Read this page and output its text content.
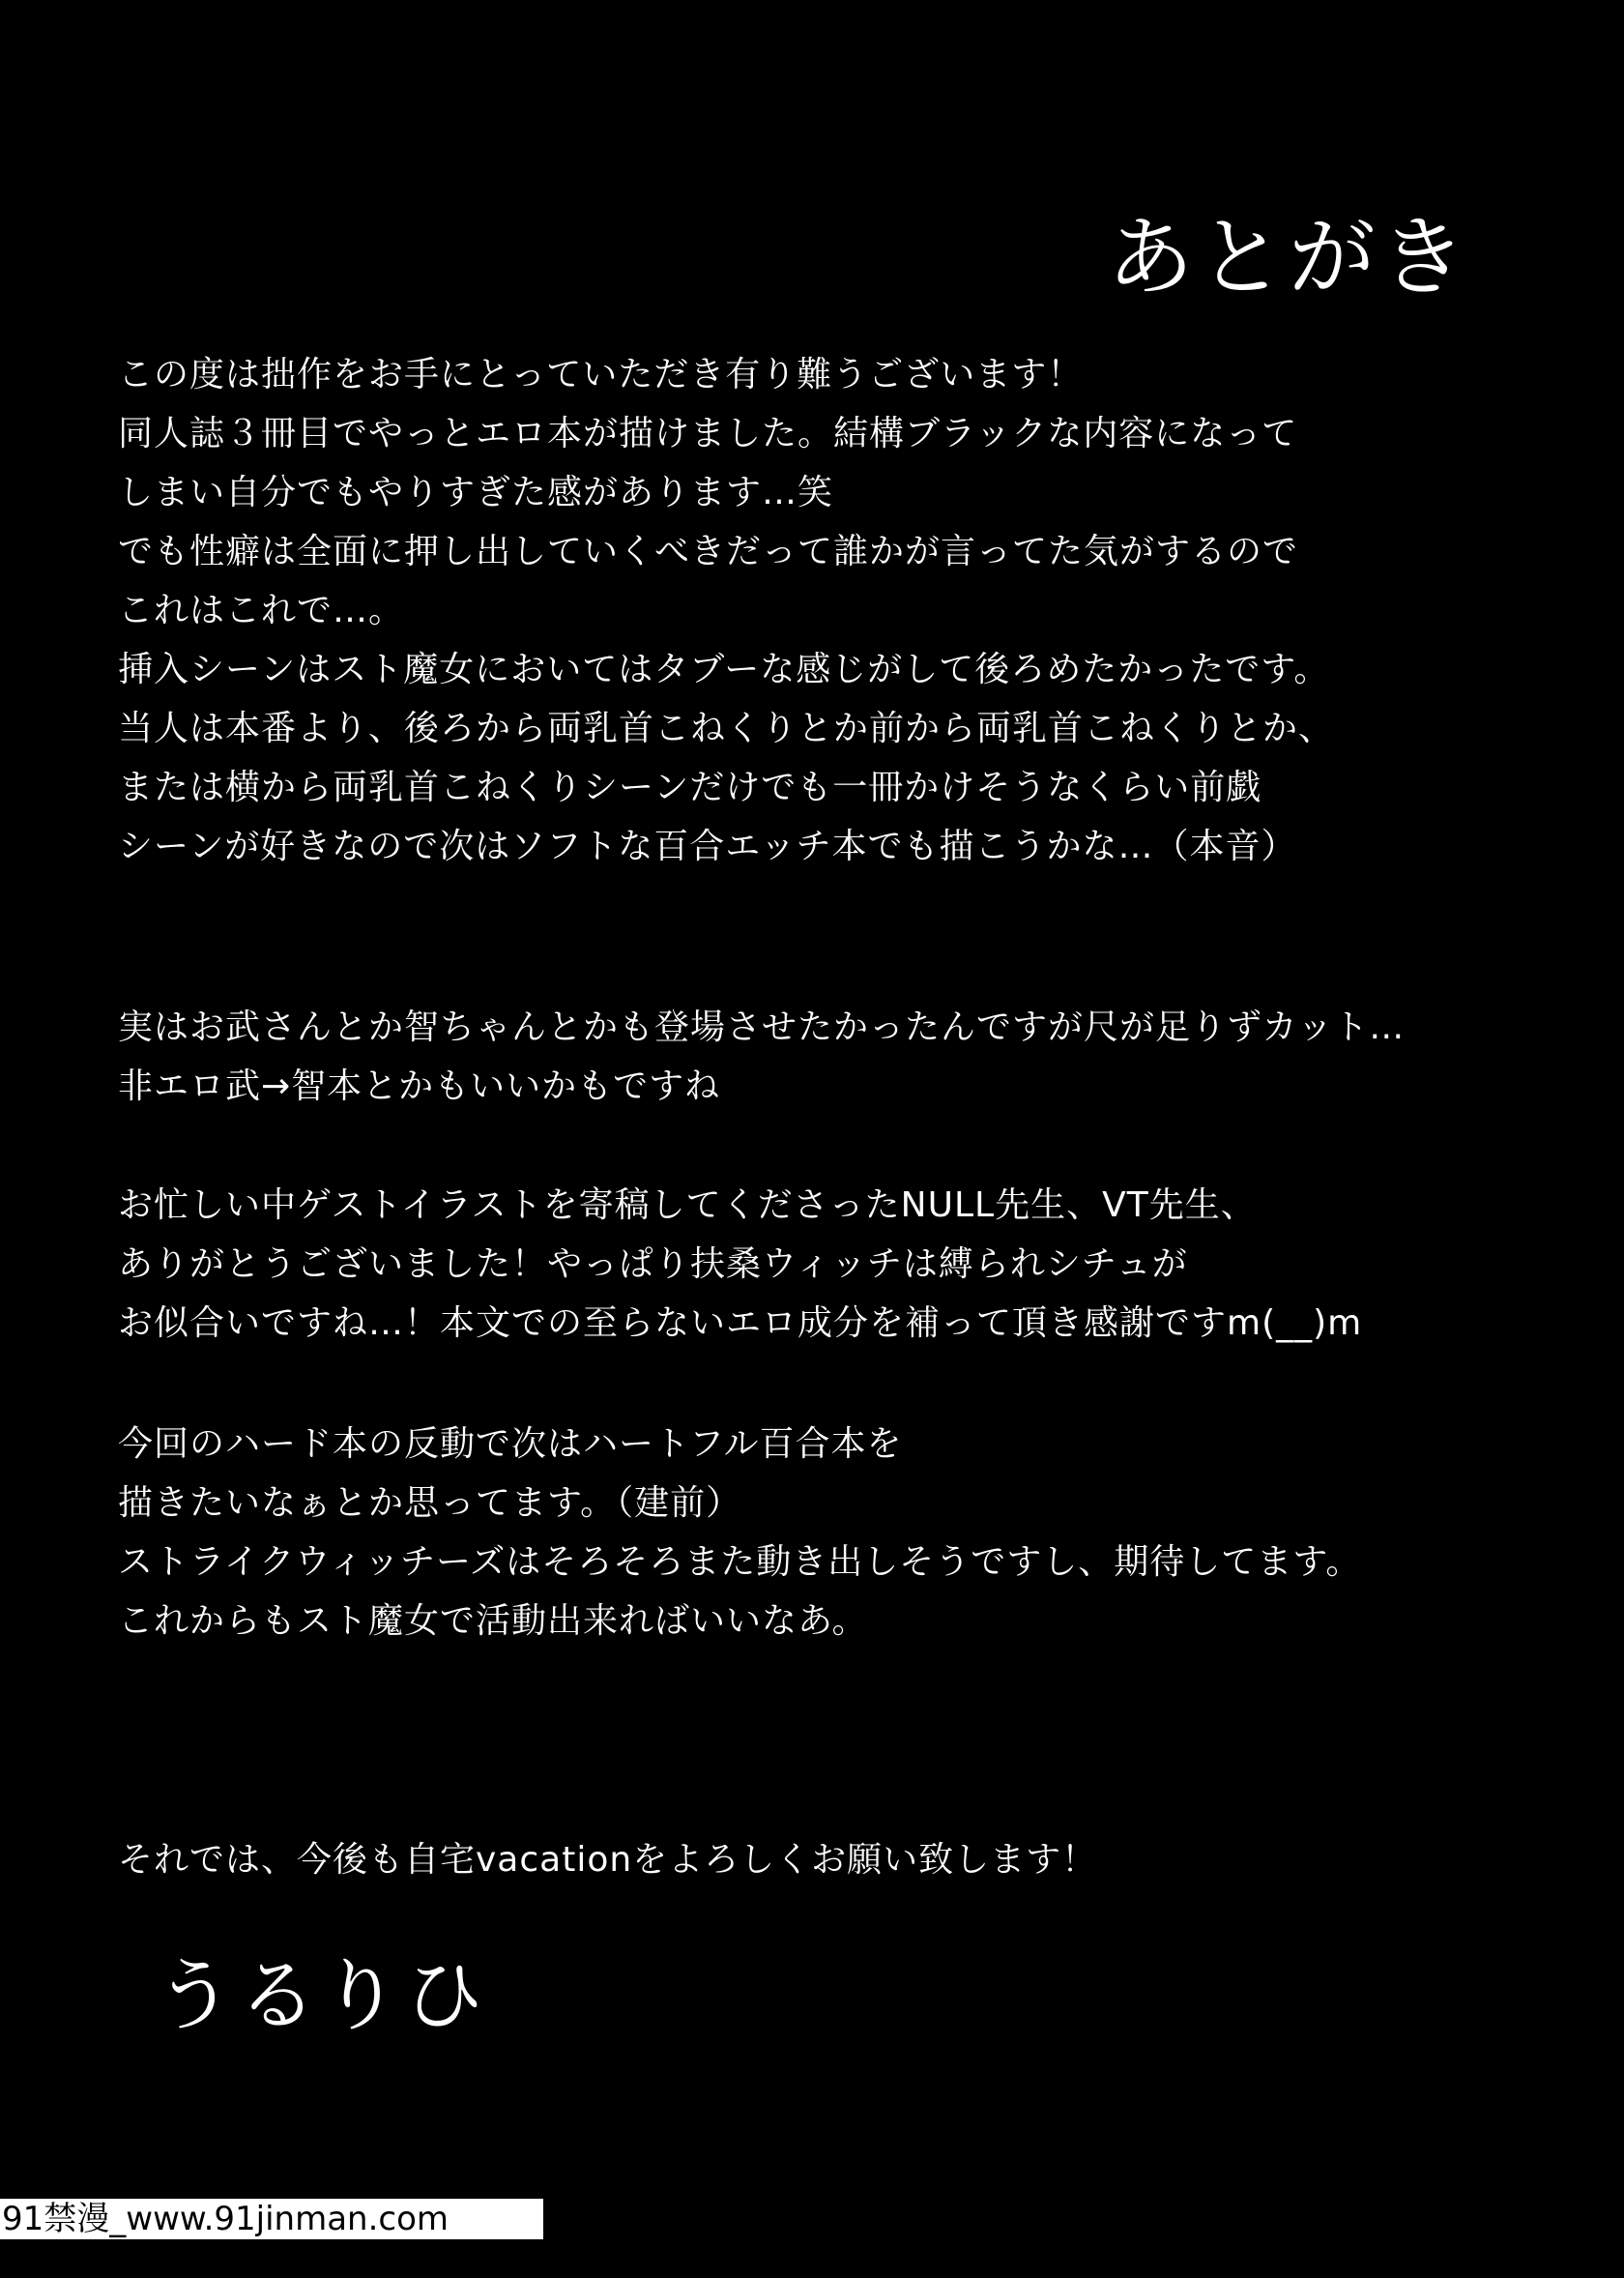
あとがき

この度は拙作をお手にとっていただき有り難うございます！

同人誌３冊目でやっとエロ本が描けました。結構ブラックな内容になって

しまい自分でもやりすぎた感があります…笑

でも性癖は全面に押し出していくべきだって誰かが言ってた気がするので

これはこれで…。

挿入シーンはスト魔女においてはタブーな感じがして後ろめたかったです。

当人は本番より、後ろから両乳首こねくりとか前から両乳首こねくりとか、

または横から両乳首こねくりシーンだけでも一冊かけそうなくらい前戯

シーンが好きなので次はソフトな百合エッチ本でも描こうかな…（本音）

実はお武さんとか智ちゃんとかも登場させたかったんですが尺が足りずカット…

非エロ武→智本とかもいいかもですね

お忙しい中ゲストイラストを寄稿してくださったNULL先生、VT先生、

ありがとうございました！やっぱり扶桑ウィッチは縛られシチュが

お似合いですね…！本文での至らないエロ成分を補って頂き感謝ですm(__)m

今回のハード本の反動で次はハートフル百合本を

描きたいなぁとか思ってます。（建前）

ストライクウィッチーズはそろそろまた動き出しそうですし、期待してます。

これからもスト魔女で活動出来ればいいなあ。

それでは、今後も自宅vacationをよろしくお願い致します！

うるりひ
91禁漫_www.91jinman.com
